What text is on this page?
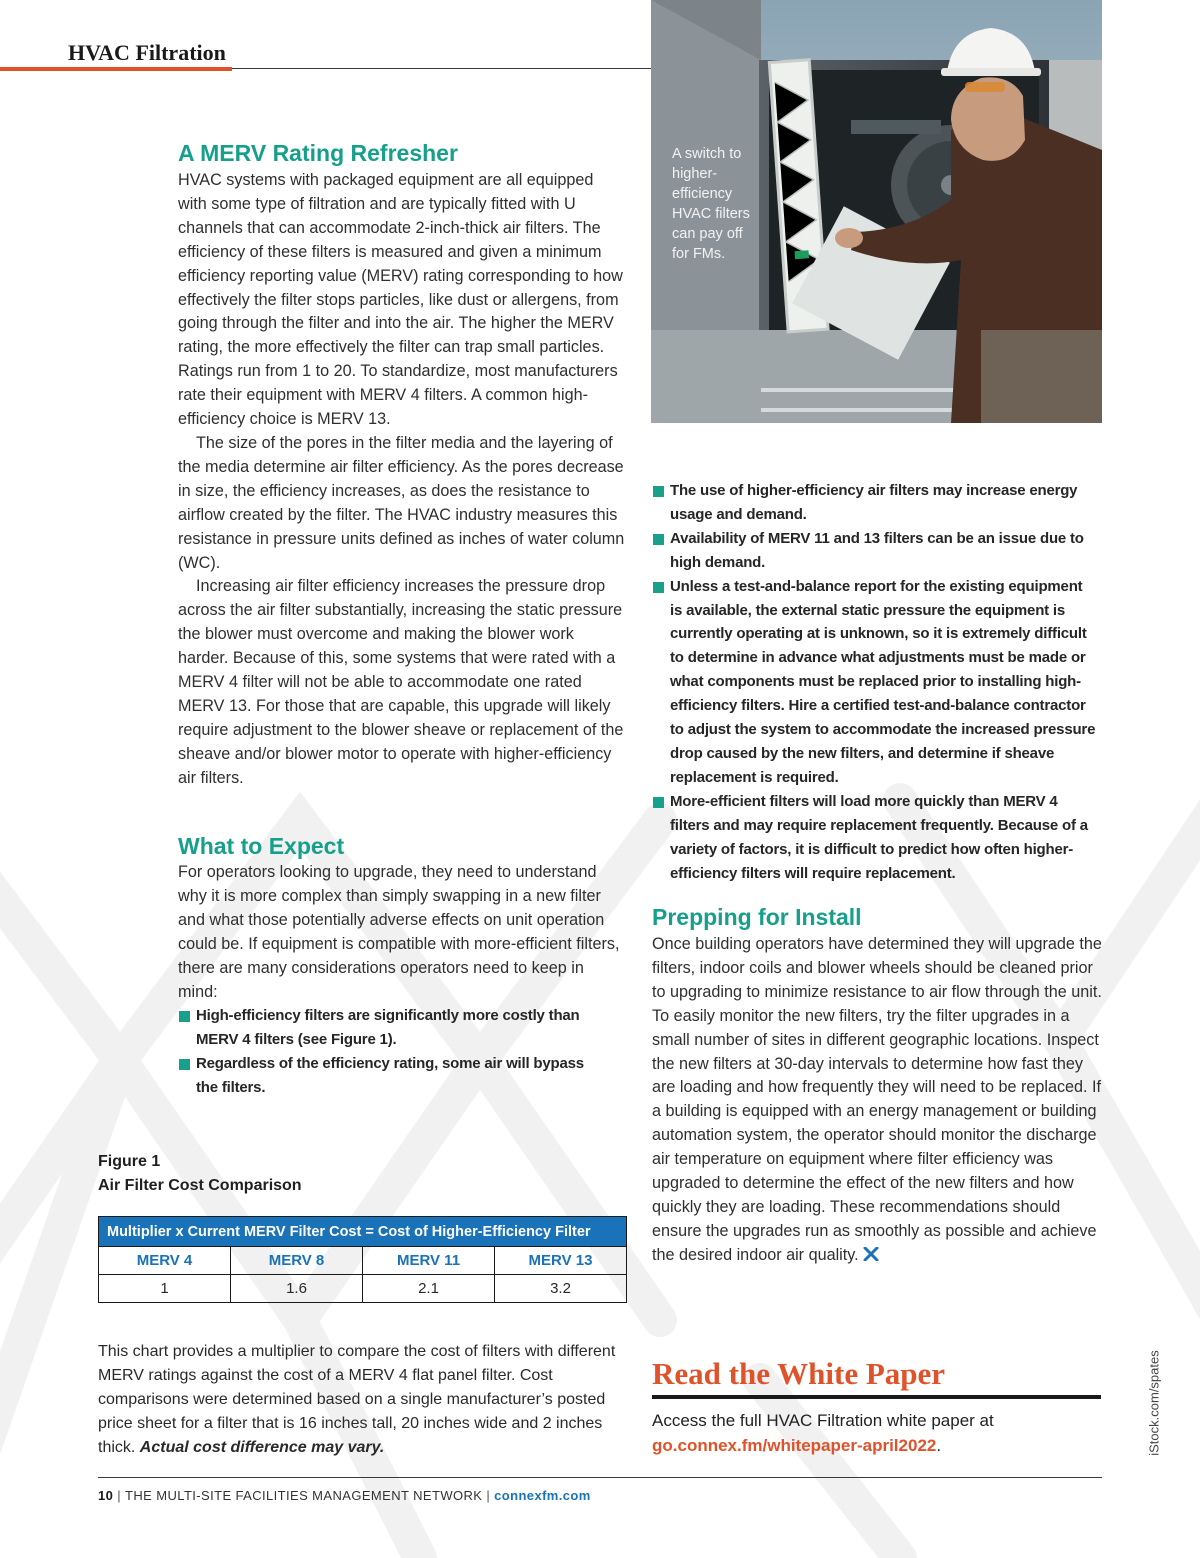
HVAC Filtration
A switch to higher-efficiency HVAC filters can pay off for FMs.
A MERV Rating Refresher

HVAC systems with packaged equipment are all equipped with some type of filtration and are typically fitted with U channels that can accommodate 2-inch-thick air filters. The efficiency of these filters is measured and given a minimum efficiency reporting value (MERV) rating corresponding to how effectively the filter stops particles, like dust or allergens, from going through the filter and into the air. The higher the MERV rating, the more effectively the filter can trap small particles. Ratings run from 1 to 20. To standardize, most manufacturers rate their equipment with MERV 4 filters. A common high-efficiency choice is MERV 13.

The size of the pores in the filter media and the layering of the media determine air filter efficiency. As the pores decrease in size, the efficiency increases, as does the resistance to airflow created by the filter. The HVAC industry measures this resistance in pressure units defined as inches of water column (WC).

Increasing air filter efficiency increases the pressure drop across the air filter substantially, increasing the static pressure the blower must overcome and making the blower work harder. Because of this, some systems that were rated with a MERV 4 filter will not be able to accommodate one rated MERV 13. For those that are capable, this upgrade will likely require adjustment to the blower sheave or replacement of the sheave and/or blower motor to operate with higher-efficiency air filters.

What to Expect

For operators looking to upgrade, they need to understand why it is more complex than simply swapping in a new filter and what those potentially adverse effects on unit operation could be. If equipment is compatible with more-efficient filters, there are many considerations operators need to keep in mind:

High-efficiency filters are significantly more costly than MERV 4 filters (see Figure 1).
Regardless of the efficiency rating, some air will bypass the filters.
The use of higher-efficiency air filters may increase energy usage and demand.
Availability of MERV 11 and 13 filters can be an issue due to high demand.
Unless a test-and-balance report for the existing equipment is available, the external static pressure the equipment is currently operating at is unknown, so it is extremely difficult to determine in advance what adjustments must be made or what components must be replaced prior to installing high-efficiency filters. Hire a certified test-and-balance contractor to adjust the system to accommodate the increased pressure drop caused by the new filters, and determine if sheave replacement is required.
More-efficient filters will load more quickly than MERV 4 filters and may require replacement frequently. Because of a variety of factors, it is difficult to predict how often higher-efficiency filters will require replacement.
Prepping for Install

Once building operators have determined they will upgrade the filters, indoor coils and blower wheels should be cleaned prior to upgrading to minimize resistance to air flow through the unit. To easily monitor the new filters, try the filter upgrades in a small number of sites in different geographic locations. Inspect the new filters at 30-day intervals to determine how fast they are loading and how frequently they will need to be replaced. If a building is equipped with an energy management or building automation system, the operator should monitor the discharge air temperature on equipment where filter efficiency was upgraded to determine the effect of the new filters and how quickly they are loading. These recommendations should ensure the upgrades run as smoothly as possible and achieve the desired indoor air quality.

Figure 1
Air Filter Cost Comparison
Multiplier x Current MERV Filter Cost = Cost of Higher-Efficiency Filter			
MERV 4	MERV 8	MERV 11	MERV 13
1	1.6	2.1	3.2
This chart provides a multiplier to compare the cost of filters with different MERV ratings against the cost of a MERV 4 flat panel filter. Cost comparisons were determined based on a single manufacturer’s posted price sheet for a filter that is 16 inches tall, 20 inches wide and 2 inches thick. Actual cost difference may vary.
Read the White Paper
Access the full HVAC Filtration white paper at go.connex.fm/whitepaper-april2022.	iStock.com/spates
10 | THE MULTI-SITE FACILITIES MANAGEMENT NETWORK | connexfm.com
